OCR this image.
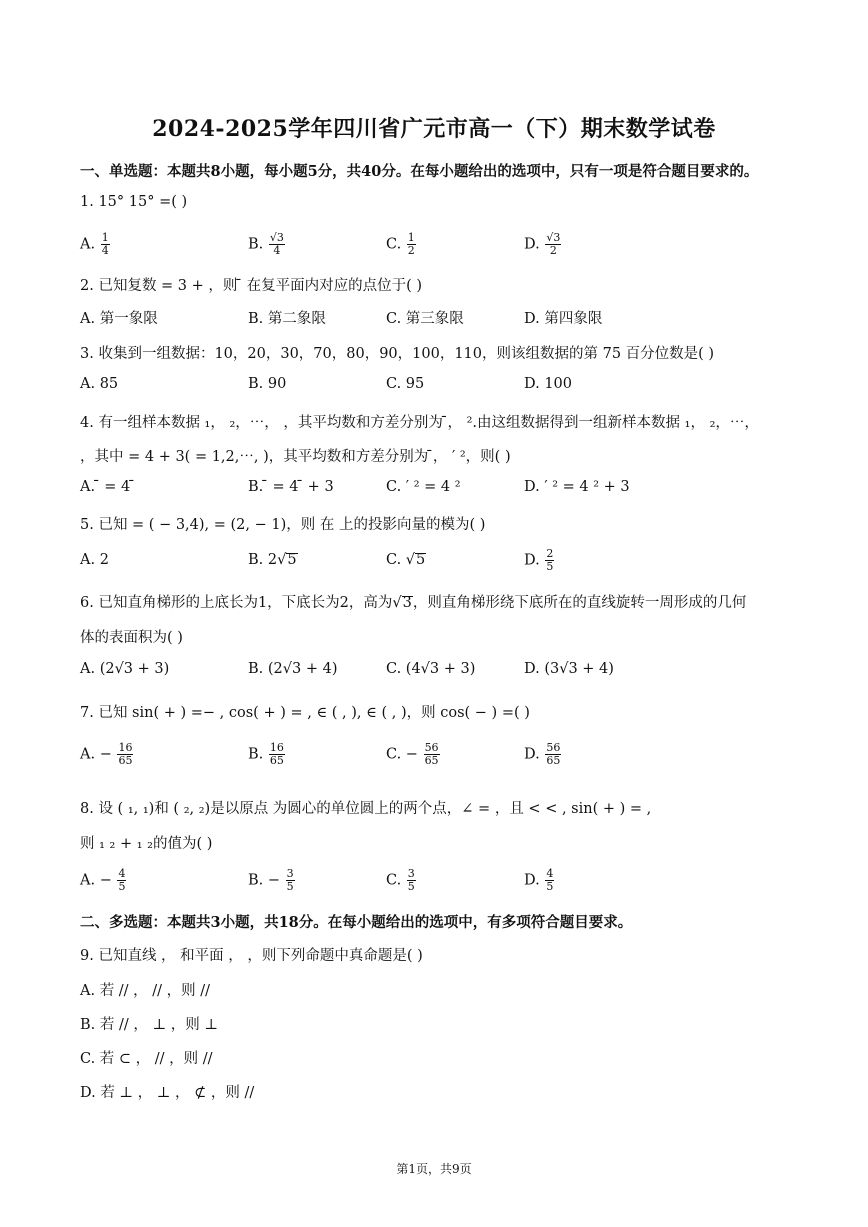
2024-2025学年四川省广元市高一（下）期末数学试卷
一、单选题：本题共8小题，每小题5分，共40分。在每小题给出的选项中，只有一项是符合题目要求的。
1. 15° 15° =( )
A. $\frac{1}{4}$	B. $\frac{√3}{4}$	C. $\frac{1}{2}$	D. $\frac{√3}{2}$
2. 已知复数 = 3 + ，则 ̄ 在复平面内对应的点位于( )
A. 第一象限	B. 第二象限	C. 第三象限	D. 第四象限
3. 收集到一组数据：10，20，30，70，80，90，100，110，则该组数据的第 75 百分位数是( )
A. 85	B. 90	C. 95	D. 100
4. 有一组样本数据 ₁， ₂，⋯， ，其平均数和方差分别为 ̄， ².由这组数据得到一组新样本数据 ₁， ₂，⋯，
，其中 = 4 + 3( = 1,2,⋯, )，其平均数和方差分别为 ̄， ′ ²，则( )
A. ̄ = 4 ̄	B. ̄ = 4 ̄ + 3	C. ′ ² = 4 ²	D. ′ ² = 4 ² + 3
5. 已知 = ( − 3,4), = (2, − 1)，则 在 上的投影向量的模为( )
A. 2	B. 2√5	C. √5	D. $\frac{2}{5}$
6. 已知直角梯形的上底长为1，下底长为2，高为√3，则直角梯形绕下底所在的直线旋转一周形成的几何
体的表面积为( )
A. (2√3 + 3)	B. (2√3 + 4)	C. (4√3 + 3)	D. (3√3 + 4)
7. 已知 sin( + ) =− , cos( + ) = , ∈ ( , ), ∈ ( , )，则 cos( − ) =( )
A. − $\frac{16}{65}$	B. $\frac{16}{65}$	C. − $\frac{56}{65}$	D. $\frac{56}{65}$
8. 设 ( ₁, ₁)和 ( ₂, ₂)是以原点 为圆心的单位圆上的两个点，∠ = ，且 < < , sin( + ) = ,
则 ₁ ₂ + ₁ ₂的值为( )
A. − $\frac{4}{5}$	B. − $\frac{3}{5}$	C. $\frac{3}{5}$	D. $\frac{4}{5}$
二、多选题：本题共3小题，共18分。在每小题给出的选项中，有多项符合题目要求。
9. 已知直线 ， 和平面 ， ，则下列命题中真命题是( )
A. 若 // ， // ，则 //
B. 若 // ， ⊥ ，则 ⊥
C. 若 ⊂ ， // ，则 //
D. 若 ⊥ ， ⊥ ， ⊄ ，则 //
第1页，共9页
